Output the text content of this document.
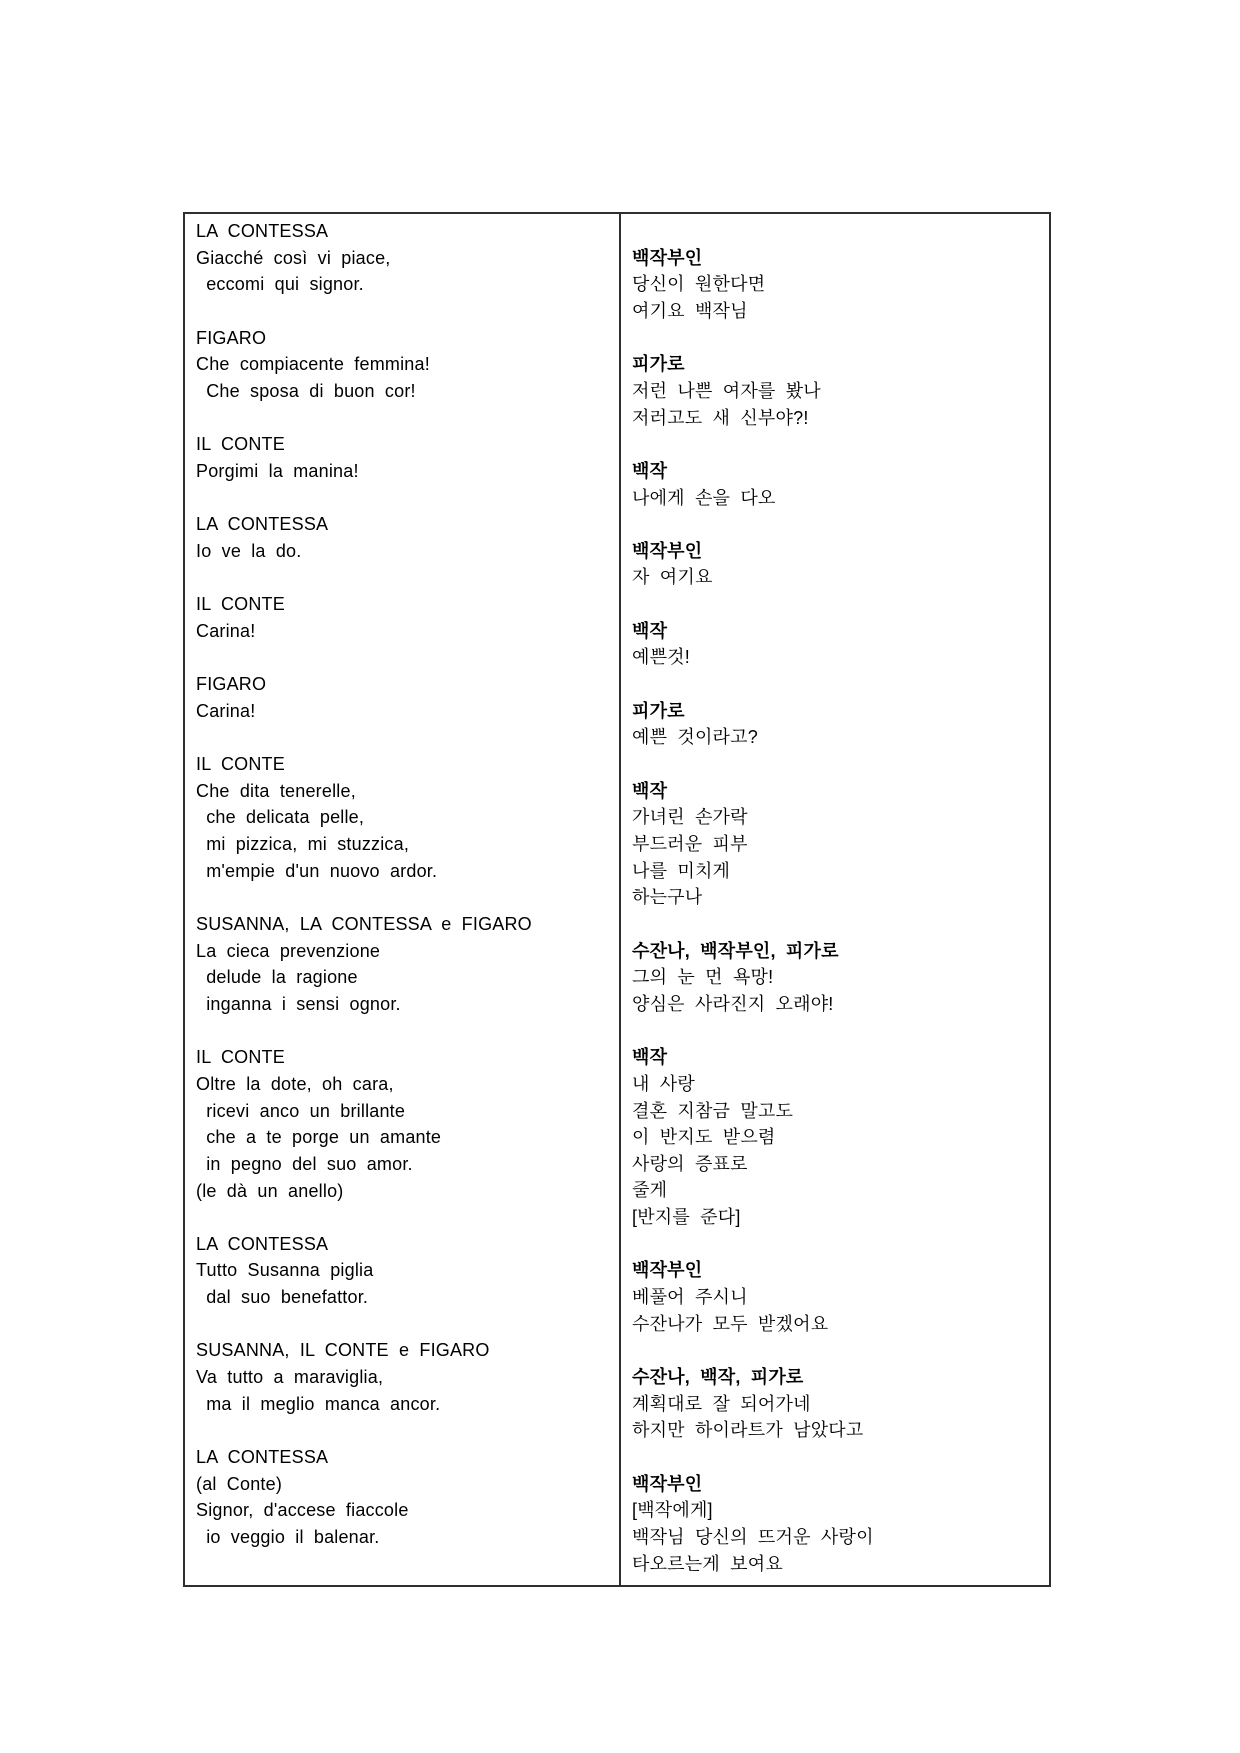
LA CONTESSA
Giacché così vi piace,
eccomi qui signor.
FIGARO
Che compiacente femmina!
Che sposa di buon cor!
IL CONTE
Porgimi la manina!
LA CONTESSA
Io ve la do.
IL CONTE
Carina!
FIGARO
Carina!
IL CONTE
Che dita tenerelle,
che delicata pelle,
mi pizzica, mi stuzzica,
m'empie d'un nuovo ardor.
SUSANNA, LA CONTESSA e FIGARO
La cieca prevenzione
delude la ragione
inganna i sensi ognor.
IL CONTE
Oltre la dote, oh cara,
ricevi anco un brillante
che a te porge un amante
in pegno del suo amor.
(le dà un anello)
LA CONTESSA
Tutto Susanna piglia
dal suo benefattor.
SUSANNA, IL CONTE e FIGARO
Va tutto a maraviglia,
ma il meglio manca ancor.
LA CONTESSA
(al Conte)
Signor, d'accese fiaccole
io veggio il balenar.
백작부인
당신이 원한다면
여기요 백작님
피가로
저런 나쁜 여자를 봤나
저러고도 새 신부야?!
백작
나에게 손을 다오
백작부인
자 여기요
백작
예쁜것!
피가로
예쁜 것이라고?
백작
가녀린 손가락
부드러운 피부
나를 미치게
하는구나
수잔나, 백작부인, 피가로
그의 눈 먼 욕망!
양심은 사라진지 오래야!
백작
내 사랑
결혼 지참금 말고도
이 반지도 받으렴
사랑의 증표로
줄게
[반지를 준다]
백작부인
베풀어 주시니
수잔나가 모두 받겠어요
수잔나, 백작, 피가로
계획대로 잘 되어가네
하지만 하이라트가 남았다고
백작부인
[백작에게]
백작님 당신의 뜨거운 사랑이
타오르는게 보여요
